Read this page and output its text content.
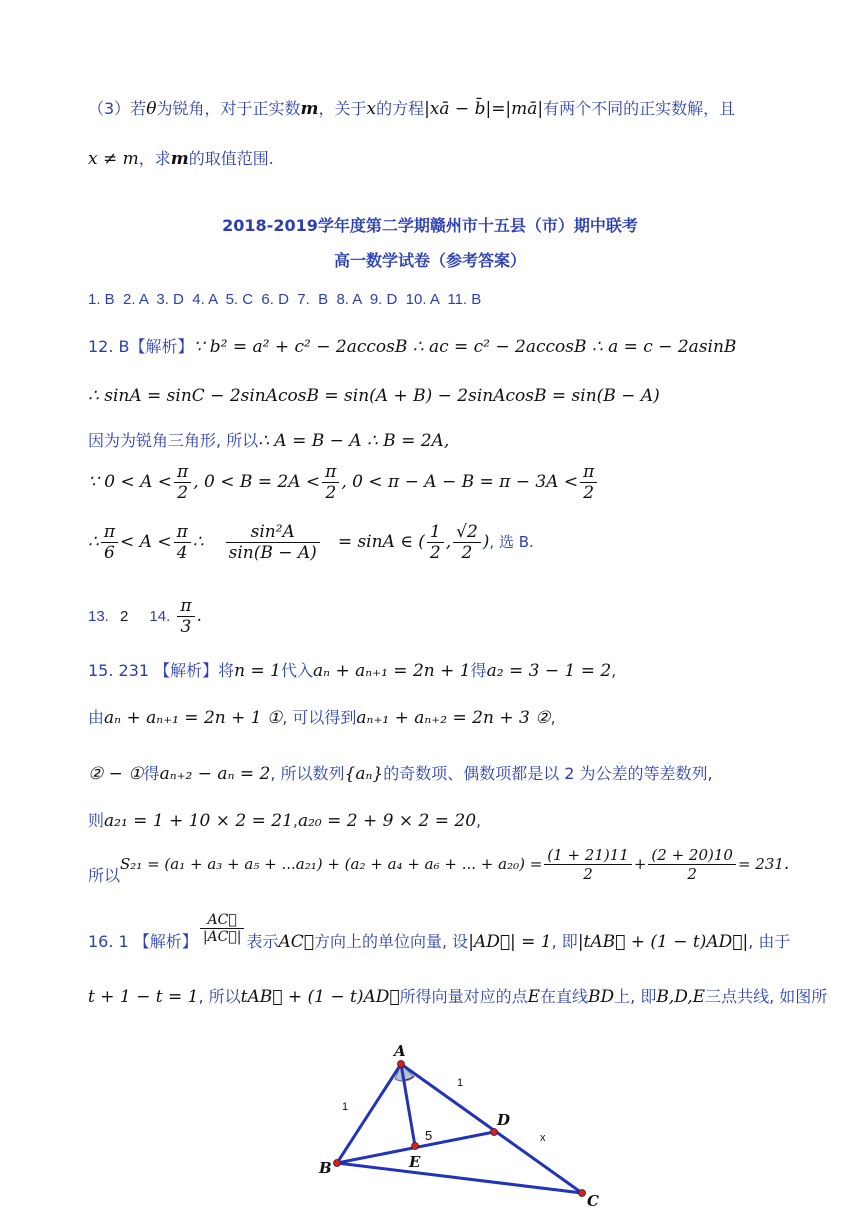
（3）若θ为锐角，对于正实数m，关于x的方程|xā − b̄|=|mā|有两个不同的正实数解，且
x ≠ m，求m的取值范围.
2018-2019学年度第二学期赣州市十五县（市）期中联考
高一数学试卷（参考答案）
1. B  2. A  3. D  4. A  5. C  6. D  7.  B  8. A  9. D  10. A  11. B
12. B【解析】∵ b² = a² + c² − 2accosB ∴ ac = c² − 2accosB ∴ a = c − 2asinB
∴ sinA = sinC − 2sinAcosB = sin(A + B) − 2sinAcosB = sin(B − A)
因为为锐角三角形, 所以∴ A = B − A ∴ B = 2A,
∵ $0 < A < \frac{\pi}{2}$ , $0 < B = 2A < \frac{\pi}{2}$ , $0 < \pi - A - B = \pi - 3A < \frac{\pi}{2}$
∴ $\frac{\pi}{6} < A < \frac{\pi}{4}$ ∴ $\frac{\text{sin²A}}{\sin(B - A)} = \sin A$ ∈ ( $\frac{1}{2}$ , $\frac{√2}{2}$ ), 选 B.
13. 2 14. $\frac{\pi}{3}$ .
15. 231 【解析】将n = 1代入aₙ + aₙ₊₁ = 2n + 1得a₂ = 3 − 1 = 2,
由aₙ + aₙ₊₁ = 2n + 1 ①, 可以得到aₙ₊₁ + aₙ₊₂ = 2n + 3 ②,
② − ①得aₙ₊₂ − aₙ = 2, 所以数列{aₙ}的奇数项、偶数项都是以 2 为公差的等差数列,
则a₂₁ = 1 + 10 × 2 = 21,a₂₀ = 2 + 9 × 2 = 20,
所以S₂₁ = (a₁ + a₃ + a₅ + ...a₂₁) + (a₂ + a₄ + a₆ + ... + $a_{20}) = \frac{(1 + 21)11}{2} + \frac{(2 + 20)10}{2} = 231$.
16. 1 【解析】 $\frac{AC⃗}{|AC⃗|}$ 表示AC⃗方向上的单位向量, 设|AD⃗| = 1, 即|tAB⃗ + (1 − t)AD⃗|, 由于
t + 1 − t = 1, 所以tAB⃗ + (1 − t)AD⃗所得向量对应的点E在直线BD上, 即B,D,E三点共线, 如图所
A
B
C
D
E
1
1
x
5
